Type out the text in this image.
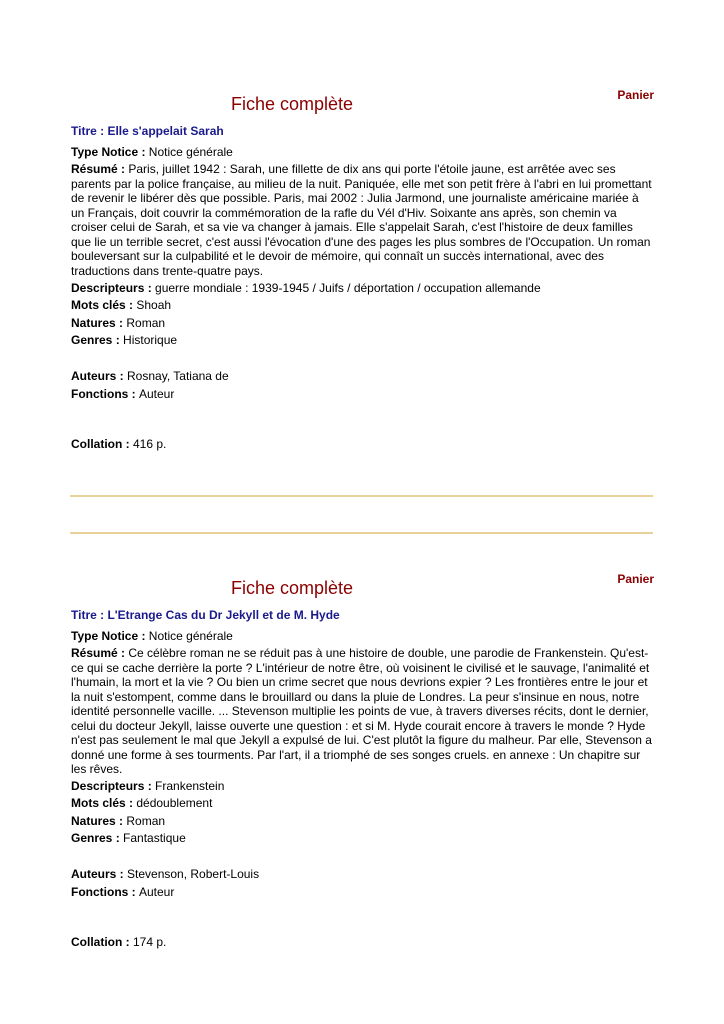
Panier
Fiche complète
Titre : Elle s'appelait Sarah
Type Notice : Notice générale
Résumé : Paris, juillet 1942 : Sarah, une fillette de dix ans qui porte l'étoile jaune, est arrêtée avec ses parents par la police française, au milieu de la nuit. Paniquée, elle met son petit frère à l'abri en lui promettant de revenir le libérer dès que possible. Paris, mai 2002 : Julia Jarmond, une journaliste américaine mariée à un Français, doit couvrir la commémoration de la rafle du Vél d'Hiv. Soixante ans après, son chemin va croiser celui de Sarah, et sa vie va changer à jamais. Elle s'appelait Sarah, c'est l'histoire de deux familles que lie un terrible secret, c'est aussi l'évocation d'une des pages les plus sombres de l'Occupation. Un roman bouleversant sur la culpabilité et le devoir de mémoire, qui connaît un succès international, avec des traductions dans trente-quatre pays.
Descripteurs : guerre mondiale : 1939-1945 / Juifs / déportation / occupation allemande
Mots clés : Shoah
Natures : Roman
Genres : Historique
Auteurs : Rosnay, Tatiana de
Fonctions : Auteur
Collation : 416 p.
Panier
Fiche complète
Titre : L'Etrange Cas du Dr Jekyll et de M. Hyde
Type Notice : Notice générale
Résumé : Ce célèbre roman ne se réduit pas à une histoire de double, une parodie de Frankenstein. Qu'est-ce qui se cache derrière la porte ? L'intérieur de notre être, où voisinent le civilisé et le sauvage, l'animalité et l'humain, la mort et la vie ? Ou bien un crime secret que nous devrions expier ? Les frontières entre le jour et la nuit s'estompent, comme dans le brouillard ou dans la pluie de Londres. La peur s'insinue en nous, notre identité personnelle vacille. ... Stevenson multiplie les points de vue, à travers diverses récits, dont le dernier, celui du docteur Jekyll, laisse ouverte une question : et si M. Hyde courait encore à travers le monde ? Hyde n'est pas seulement le mal que Jekyll a expulsé de lui. C'est plutôt la figure du malheur. Par elle, Stevenson a donné une forme à ses tourments. Par l'art, il a triomphé de ses songes cruels. en annexe : Un chapitre sur les rêves.
Descripteurs : Frankenstein
Mots clés : dédoublement
Natures : Roman
Genres : Fantastique
Auteurs : Stevenson, Robert-Louis
Fonctions : Auteur
Collation : 174 p.
